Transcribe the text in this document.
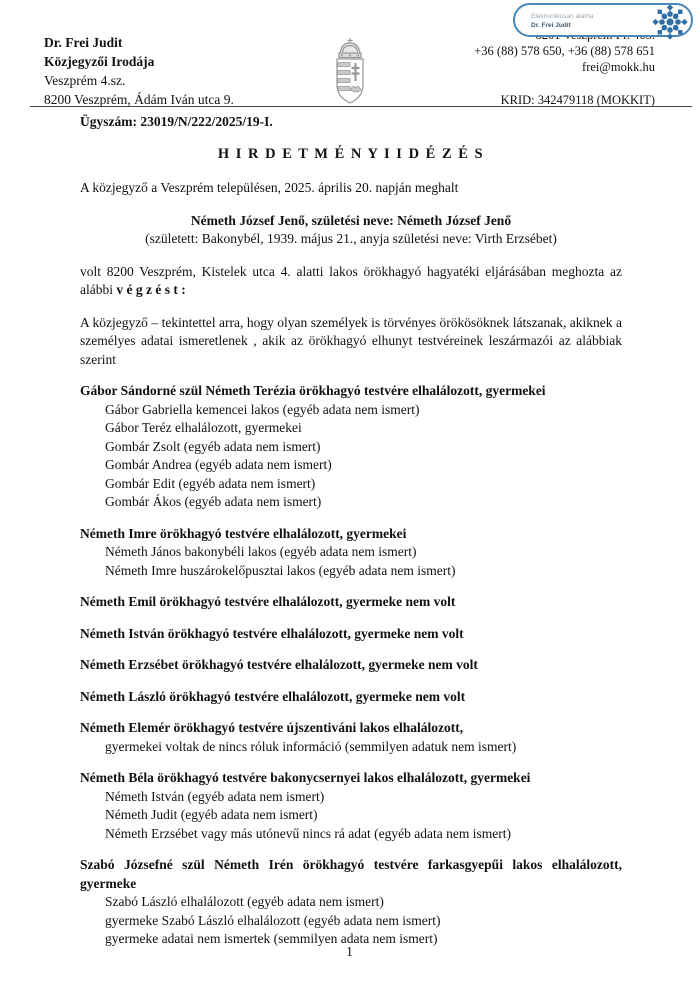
Dr. Frei Judit
Közjegyzői Irodája
Veszprém 4.sz.
8200 Veszprém, Ádám Iván utca 9.
+36 (88) 578 650, +36 (88) 578 651
frei@mokk.hu
KRID: 342479118 (MOKKIT)
Elektronikusan aláírta
Dr. Frei Judit
Ügyszám: 23019/N/222/2025/19-I.
H I R D E T M É N Y I I D É Z É S
A közjegyző a Veszprém településen, 2025. április 20. napján meghalt
Németh József Jenő, születési neve: Németh József Jenő
(született: Bakonybél, 1939. május 21., anyja születési neve: Virth Erzsébet)
volt 8200 Veszprém, Kistelek utca 4. alatti lakos örökhagyó hagyatéki eljárásában meghozta az alábbi v é g z é s t :
A közjegyző – tekintettel arra, hogy olyan személyek is törvényes örökösöknek látszanak, akiknek a személyes adatai ismeretlenek , akik az örökhagyó elhunyt testvéreinek leszármazói az alábbiak szerint
Gábor Sándorné szül Németh Terézia örökhagyó testvére elhalálozott, gyermekei
Gábor Gabriella kemencei lakos (egyéb adata nem ismert)
Gábor Teréz elhalálozott, gyermekei
Gombár Zsolt (egyéb adata nem ismert)
Gombár Andrea (egyéb adata nem ismert)
Gombár Edit (egyéb adata nem ismert)
Gombár Ákos (egyéb adata nem ismert)
Németh Imre örökhagyó testvére elhalálozott, gyermekei
Németh János bakonybéli lakos (egyéb adata nem ismert)
Németh Imre huszárokelőpusztai lakos (egyéb adata nem ismert)
Németh Emil örökhagyó testvére elhalálozott, gyermeke nem volt
Németh István örökhagyó testvére elhalálozott, gyermeke nem volt
Németh Erzsébet örökhagyó testvére elhalálozott, gyermeke nem volt
Németh László örökhagyó testvére elhalálozott, gyermeke nem volt
Németh Elemér örökhagyó testvére újszentiváni lakos elhalálozott,
gyermekei voltak de nincs róluk információ (semmilyen adatuk nem ismert)
Németh Béla örökhagyó testvére bakonycsernyei lakos elhalálozott, gyermekei
Németh István (egyéb adata nem ismert)
Németh Judit (egyéb adata nem ismert)
Németh Erzsébet vagy más utónevű nincs rá adat (egyéb adata nem ismert)
Szabó Józsefné szül Németh Irén örökhagyó testvére farkasgyepűi lakos elhalálozott, gyermeke
Szabó László elhalálozott (egyéb adata nem ismert)
gyermeke Szabó László elhalálozott (egyéb adata nem ismert)
gyermeke adatai nem ismertek (semmilyen adata nem ismert)
1
